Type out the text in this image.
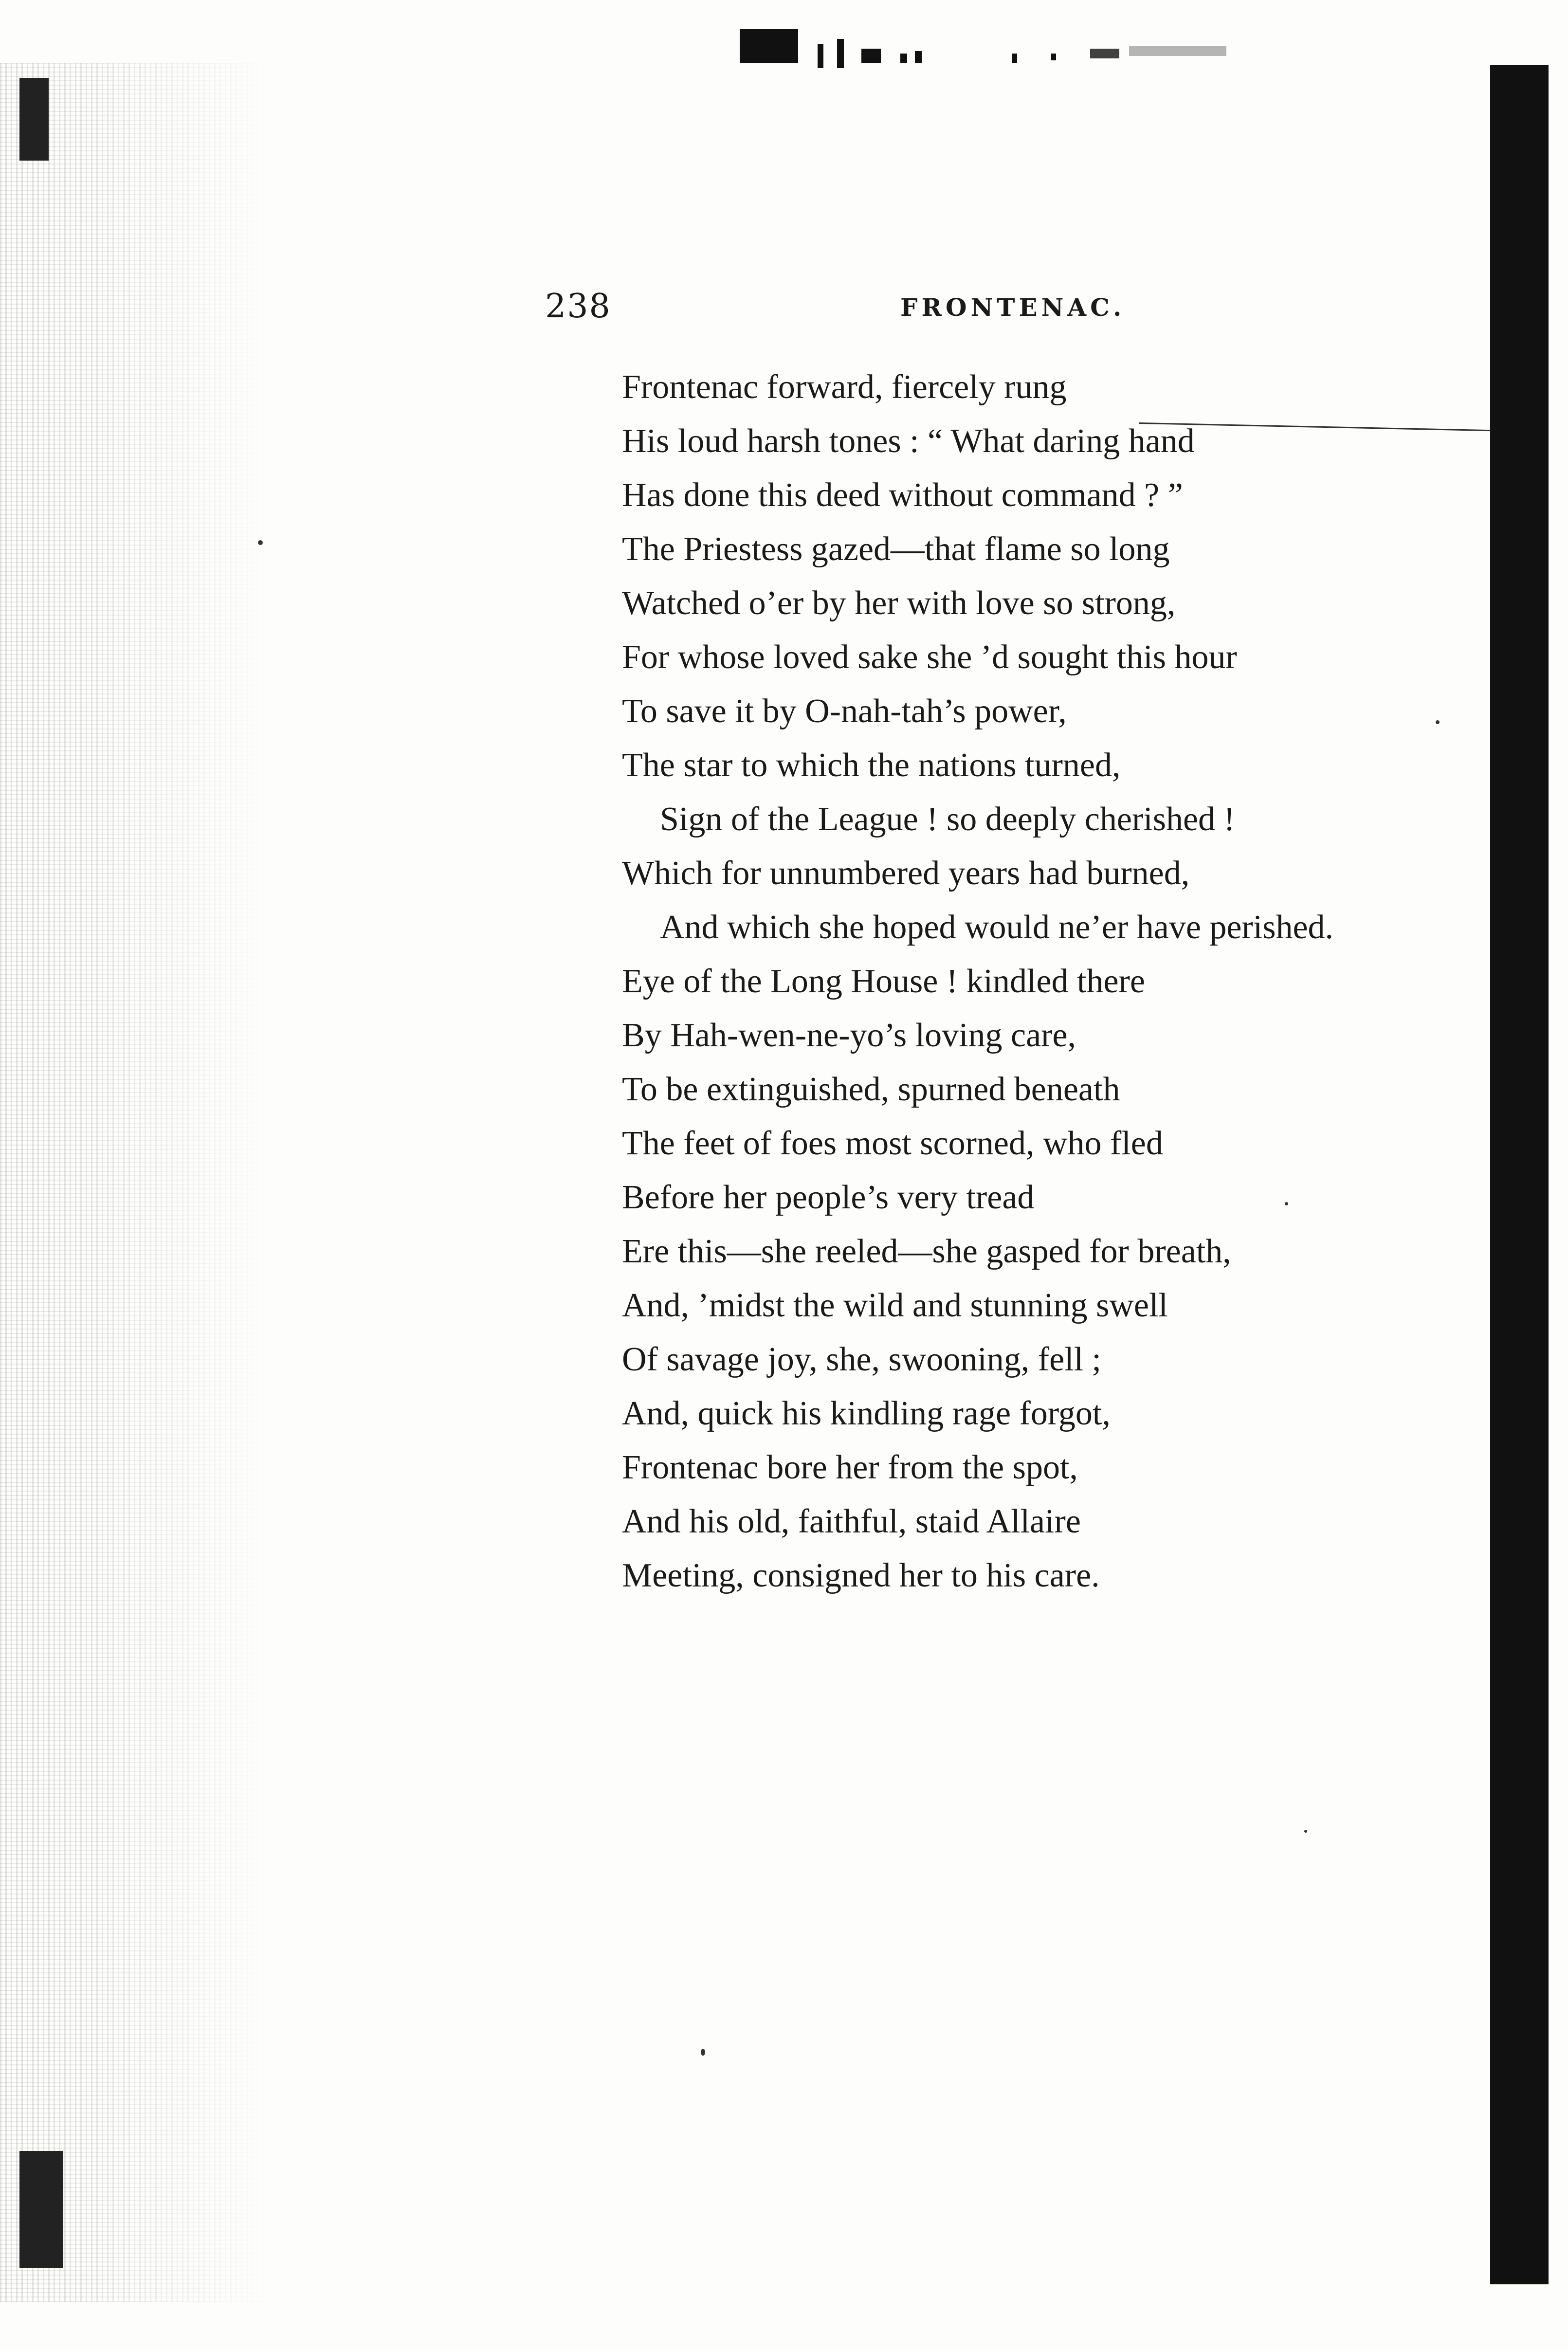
238	FRONTENAC.
Frontenac forward, fiercely rung
His loud harsh tones : “ What daring hand
Has done this deed without command ? ”
The Priestess gazed—that flame so long
Watched o’er by her with love so strong,
For whose loved sake she ’d sought this hour
To save it by O-nah-tah’s power,
The star to which the nations turned,
Sign of the League ! so deeply cherished !
Which for unnumbered years had burned,
And which she hoped would ne’er have perished.
Eye of the Long House ! kindled there
By Hah-wen-ne-yo’s loving care,
To be extinguished, spurned beneath
The feet of foes most scorned, who fled
Before her people’s very tread
Ere this—she reeled—she gasped for breath,
And, ’midst the wild and stunning swell
Of savage joy, she, swooning, fell ;
And, quick his kindling rage forgot,
Frontenac bore her from the spot,
And his old, faithful, staid Allaire
Meeting, consigned her to his care.
